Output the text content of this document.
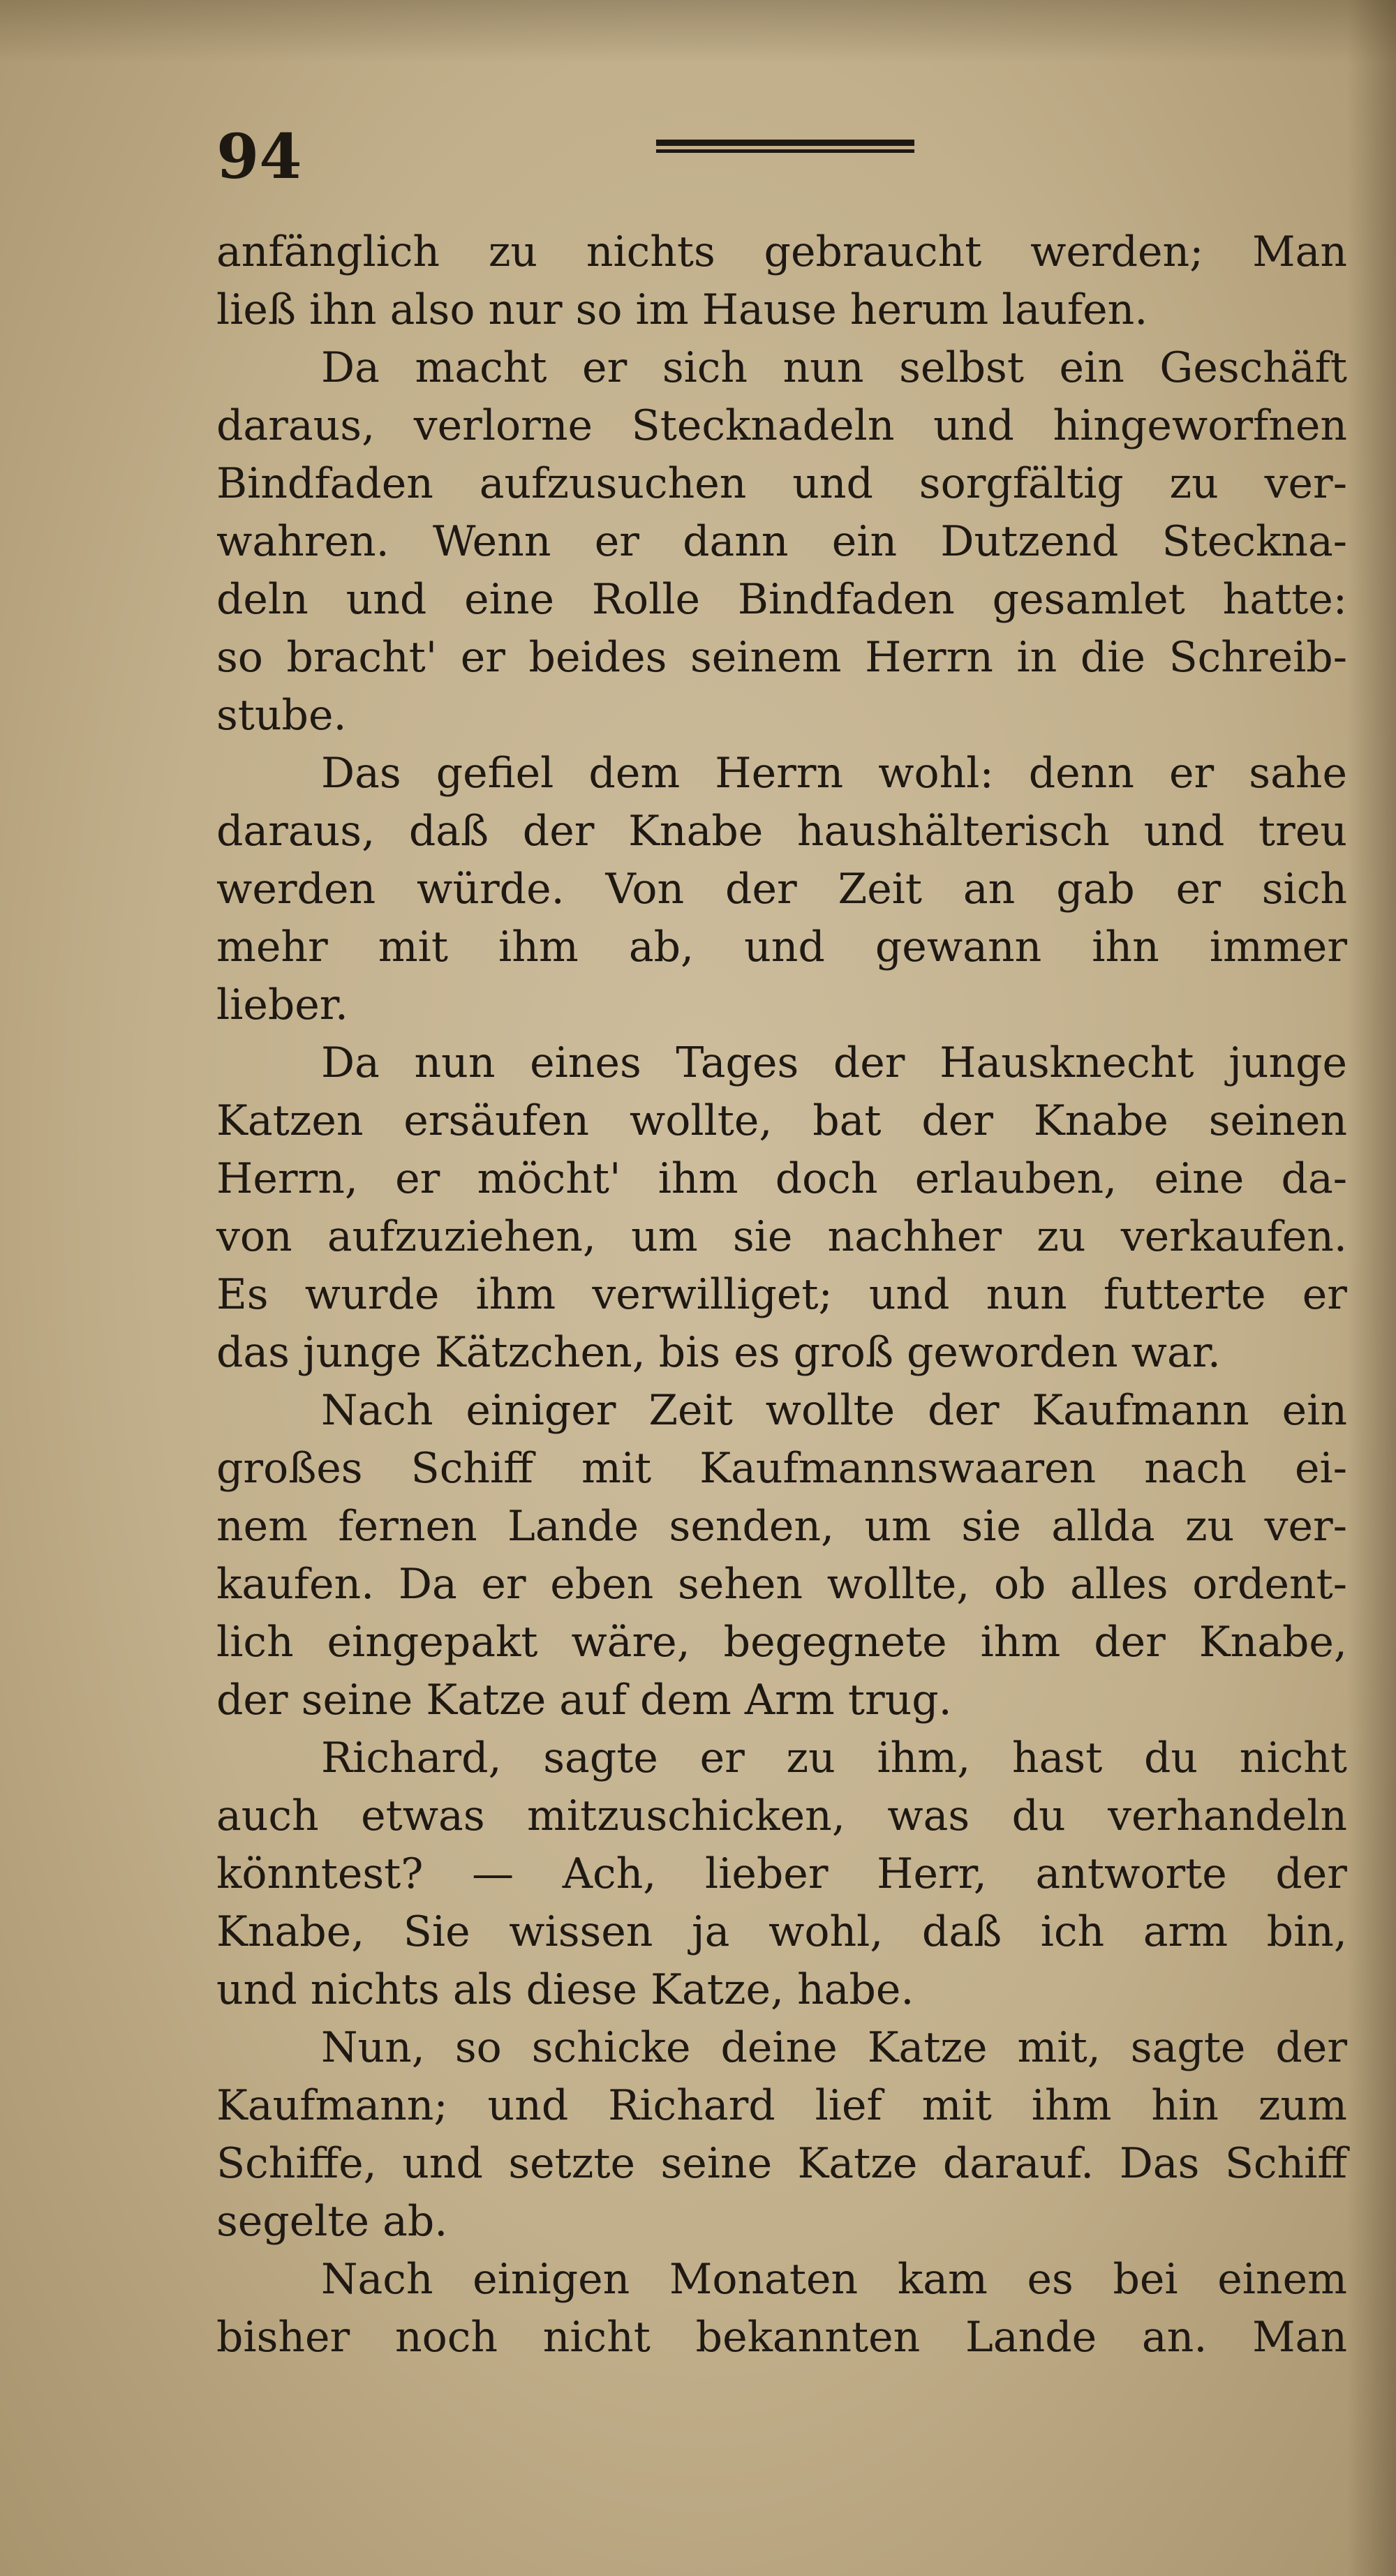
94
anfänglich zu nichts gebraucht werden; Man
ließ ihn also nur so im Hause herum laufen.
Da macht er sich nun selbst ein Geschäft
daraus, verlorne Stecknadeln und hingeworfnen
Bindfaden aufzusuchen und sorgfältig zu ver-
wahren. Wenn er dann ein Dutzend Steckna-
deln und eine Rolle Bindfaden gesamlet hatte:
so bracht' er beides seinem Herrn in die Schreib-
stube.
Das gefiel dem Herrn wohl: denn er sahe
daraus, daß der Knabe haushälterisch und treu
werden würde. Von der Zeit an gab er sich
mehr mit ihm ab, und gewann ihn immer
lieber.
Da nun eines Tages der Hausknecht junge
Katzen ersäufen wollte, bat der Knabe seinen
Herrn, er möcht' ihm doch erlauben, eine da-
von aufzuziehen, um sie nachher zu verkaufen.
Es wurde ihm verwilliget; und nun futterte er
das junge Kätzchen, bis es groß geworden war.
Nach einiger Zeit wollte der Kaufmann ein
großes Schiff mit Kaufmannswaaren nach ei-
nem fernen Lande senden, um sie allda zu ver-
kaufen. Da er eben sehen wollte, ob alles ordent-
lich eingepakt wäre, begegnete ihm der Knabe,
der seine Katze auf dem Arm trug.
Richard, sagte er zu ihm, hast du nicht
auch etwas mitzuschicken, was du verhandeln
könntest? — Ach, lieber Herr, antworte der
Knabe, Sie wissen ja wohl, daß ich arm bin,
und nichts als diese Katze, habe.
Nun, so schicke deine Katze mit, sagte der
Kaufmann; und Richard lief mit ihm hin zum
Schiffe, und setzte seine Katze darauf. Das Schiff
segelte ab.
Nach einigen Monaten kam es bei einem
bisher noch nicht bekannten Lande an. Man
